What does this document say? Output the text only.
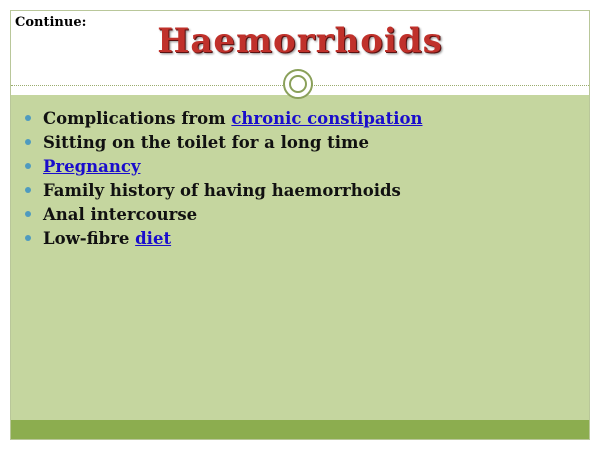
Continue:	Haemorrhoids
Complications from chronic constipation
Sitting on the toilet for a long time
Pregnancy
Family history of having haemorrhoids
Anal intercourse
Low-fibre diet
